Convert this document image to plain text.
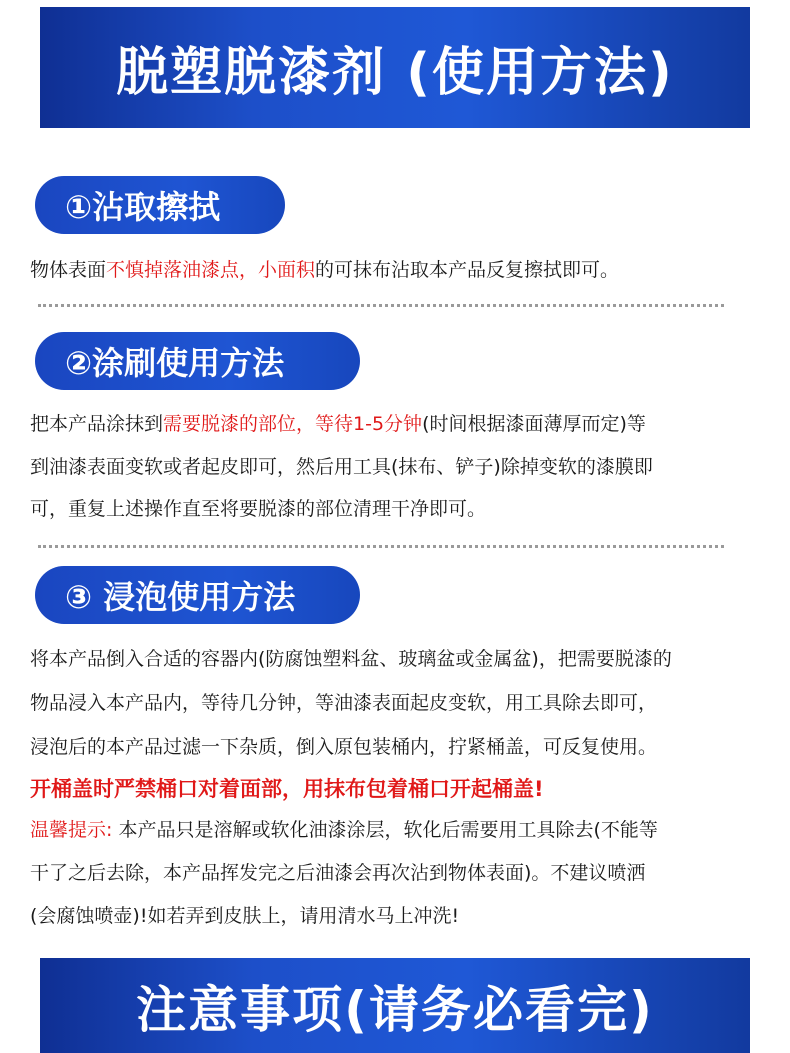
脱塑脱漆剂 (使用方法)
①沾取擦拭
物体表面不慎掉落油漆点，小面积的可抹布沾取本产品反复擦拭即可。
②涂刷使用方法
把本产品涂抹到需要脱漆的部位，等待1-5分钟(时间根据漆面薄厚而定)等
到油漆表面变软或者起皮即可，然后用工具(抹布、铲子)除掉变软的漆膜即
可，重复上述操作直至将要脱漆的部位清理干净即可。
③ 浸泡使用方法
将本产品倒入合适的容器内(防腐蚀塑料盆、玻璃盆或金属盆)，把需要脱漆的
物品浸入本产品内，等待几分钟，等油漆表面起皮变软，用工具除去即可，
浸泡后的本产品过滤一下杂质，倒入原包装桶内，拧紧桶盖，可反复使用。
开桶盖时严禁桶口对着面部，用抹布包着桶口开起桶盖!
温馨提示: 本产品只是溶解或软化油漆涂层，软化后需要用工具除去(不能等
干了之后去除，本产品挥发完之后油漆会再次沾到物体表面)。不建议喷洒
(会腐蚀喷壶)!如若弄到皮肤上，请用清水马上冲洗!
注意事项(请务必看完)
